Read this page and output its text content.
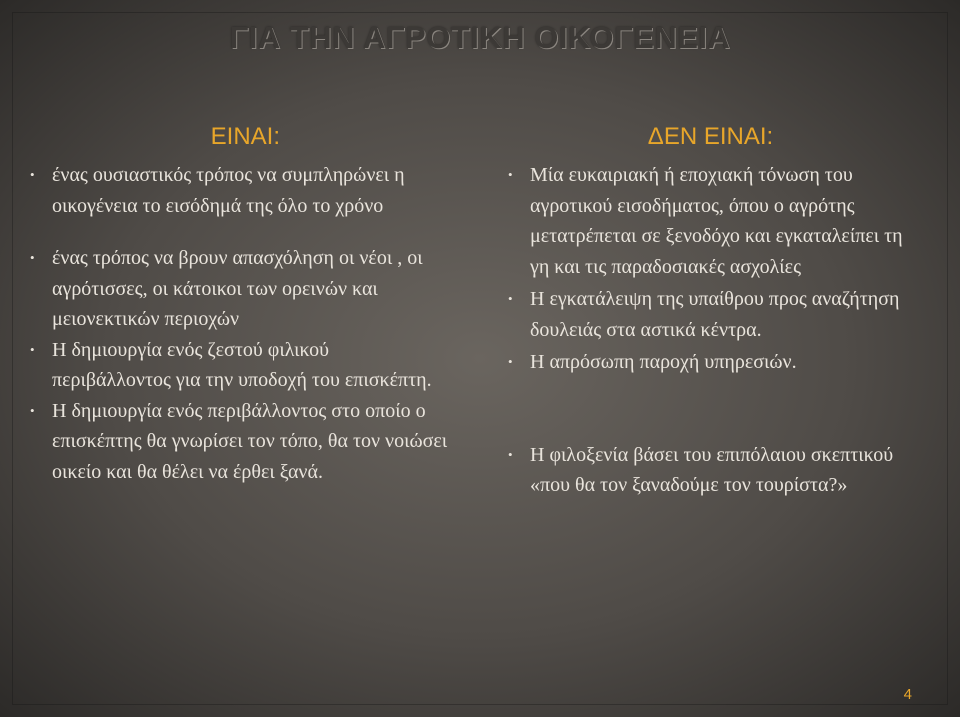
ΓΙΑ ΤΗΝ ΑΓΡΟΤΙΚΗ ΟΙΚΟΓΕΝΕΙΑ
ΕΙΝΑΙ:
• ένας ουσιαστικός τρόπος να συμπληρώνει η οικογένεια το εισόδημά της όλο το χρόνο
• ένας τρόπος να βρουν απασχόληση οι νέοι , οι αγρότισσες, οι κάτοικοι των ορεινών και μειονεκτικών περιοχών
• Η δημιουργία ενός ζεστού φιλικού περιβάλλοντος για την υποδοχή του επισκέπτη.
• Η δημιουργία ενός περιβάλλοντος στο οποίο ο επισκέπτης θα γνωρίσει τον τόπο, θα τον νοιώσει οικείο και θα θέλει να έρθει ξανά.
ΔΕΝ ΕΙΝΑΙ:
• Μία ευκαιριακή ή εποχιακή τόνωση του αγροτικού εισοδήματος, όπου ο αγρότης μετατρέπεται σε ξενοδόχο και εγκαταλείπει τη γη και τις παραδοσιακές ασχολίες
• Η εγκατάλειψη της υπαίθρου προς αναζήτηση δουλειάς στα αστικά κέντρα.
• Η απρόσωπη παροχή υπηρεσιών.
• Η φιλοξενία βάσει του επιπόλαιου σκεπτικού «που θα τον ξαναδούμε τον τουρίστα?»
4
